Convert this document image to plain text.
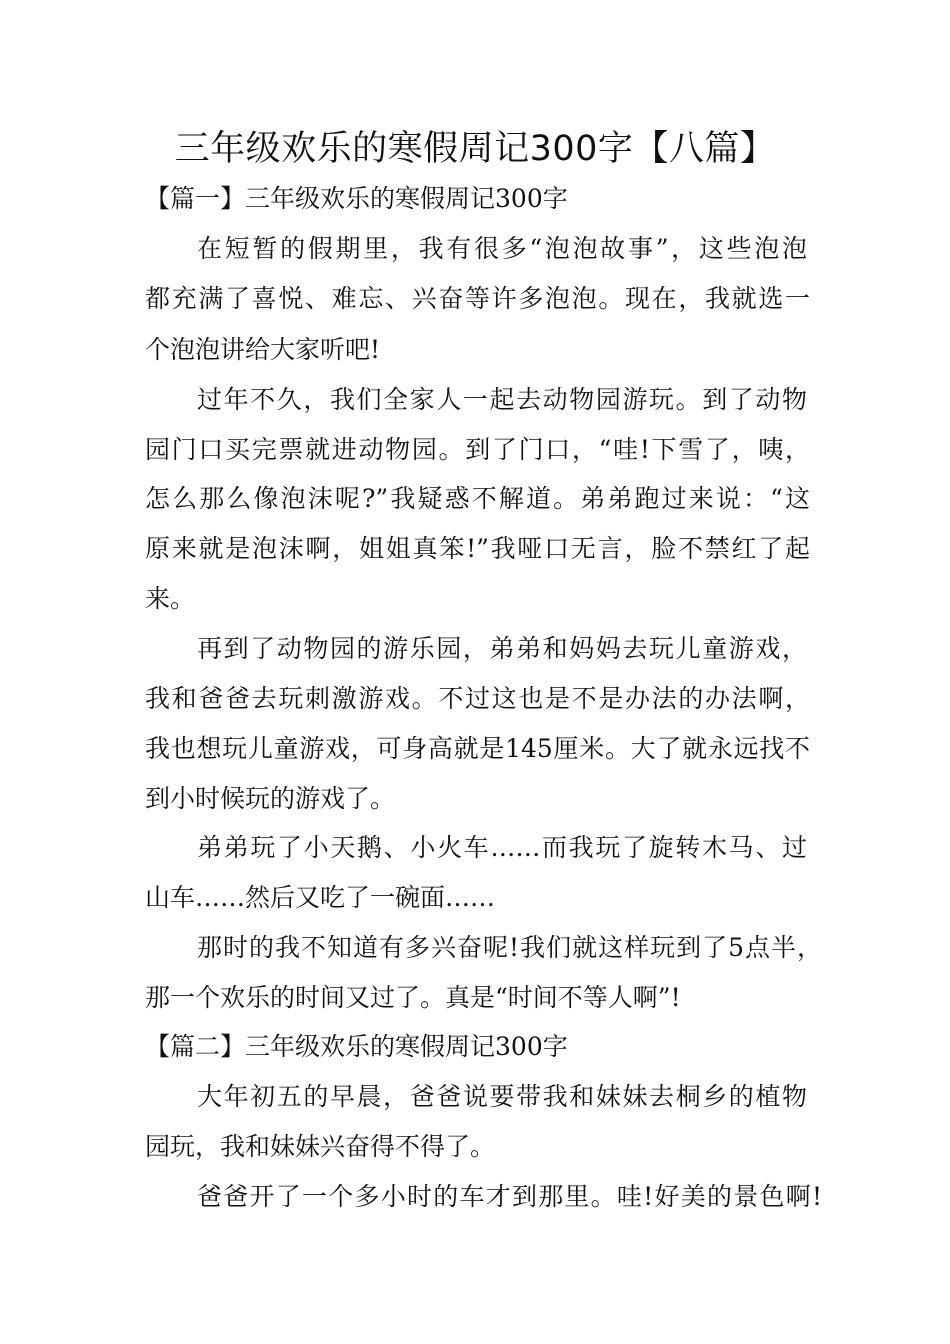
三年级欢乐的寒假周记300字【八篇】
【篇一】三年级欢乐的寒假周记300字
在短暂的假期里，我有很多“泡泡故事”，这些泡泡
都充满了喜悦、难忘、兴奋等许多泡泡。现在，我就选一
个泡泡讲给大家听吧!
过年不久，我们全家人一起去动物园游玩。到了动物
园门口买完票就进动物园。到了门口，“哇!下雪了，咦，
怎么那么像泡沫呢?”我疑惑不解道。弟弟跑过来说：“这
原来就是泡沫啊，姐姐真笨!”我哑口无言，脸不禁红了起
来。
再到了动物园的游乐园，弟弟和妈妈去玩儿童游戏，
我和爸爸去玩刺激游戏。不过这也是不是办法的办法啊，
我也想玩儿童游戏，可身高就是145厘米。大了就永远找不
到小时候玩的游戏了。
弟弟玩了小天鹅、小火车……而我玩了旋转木马、过
山车……然后又吃了一碗面……
那时的我不知道有多兴奋呢!我们就这样玩到了5点半，
那一个欢乐的时间又过了。真是“时间不等人啊”!
【篇二】三年级欢乐的寒假周记300字
大年初五的早晨，爸爸说要带我和妹妹去桐乡的植物
园玩，我和妹妹兴奋得不得了。
爸爸开了一个多小时的车才到那里。哇!好美的景色啊!
